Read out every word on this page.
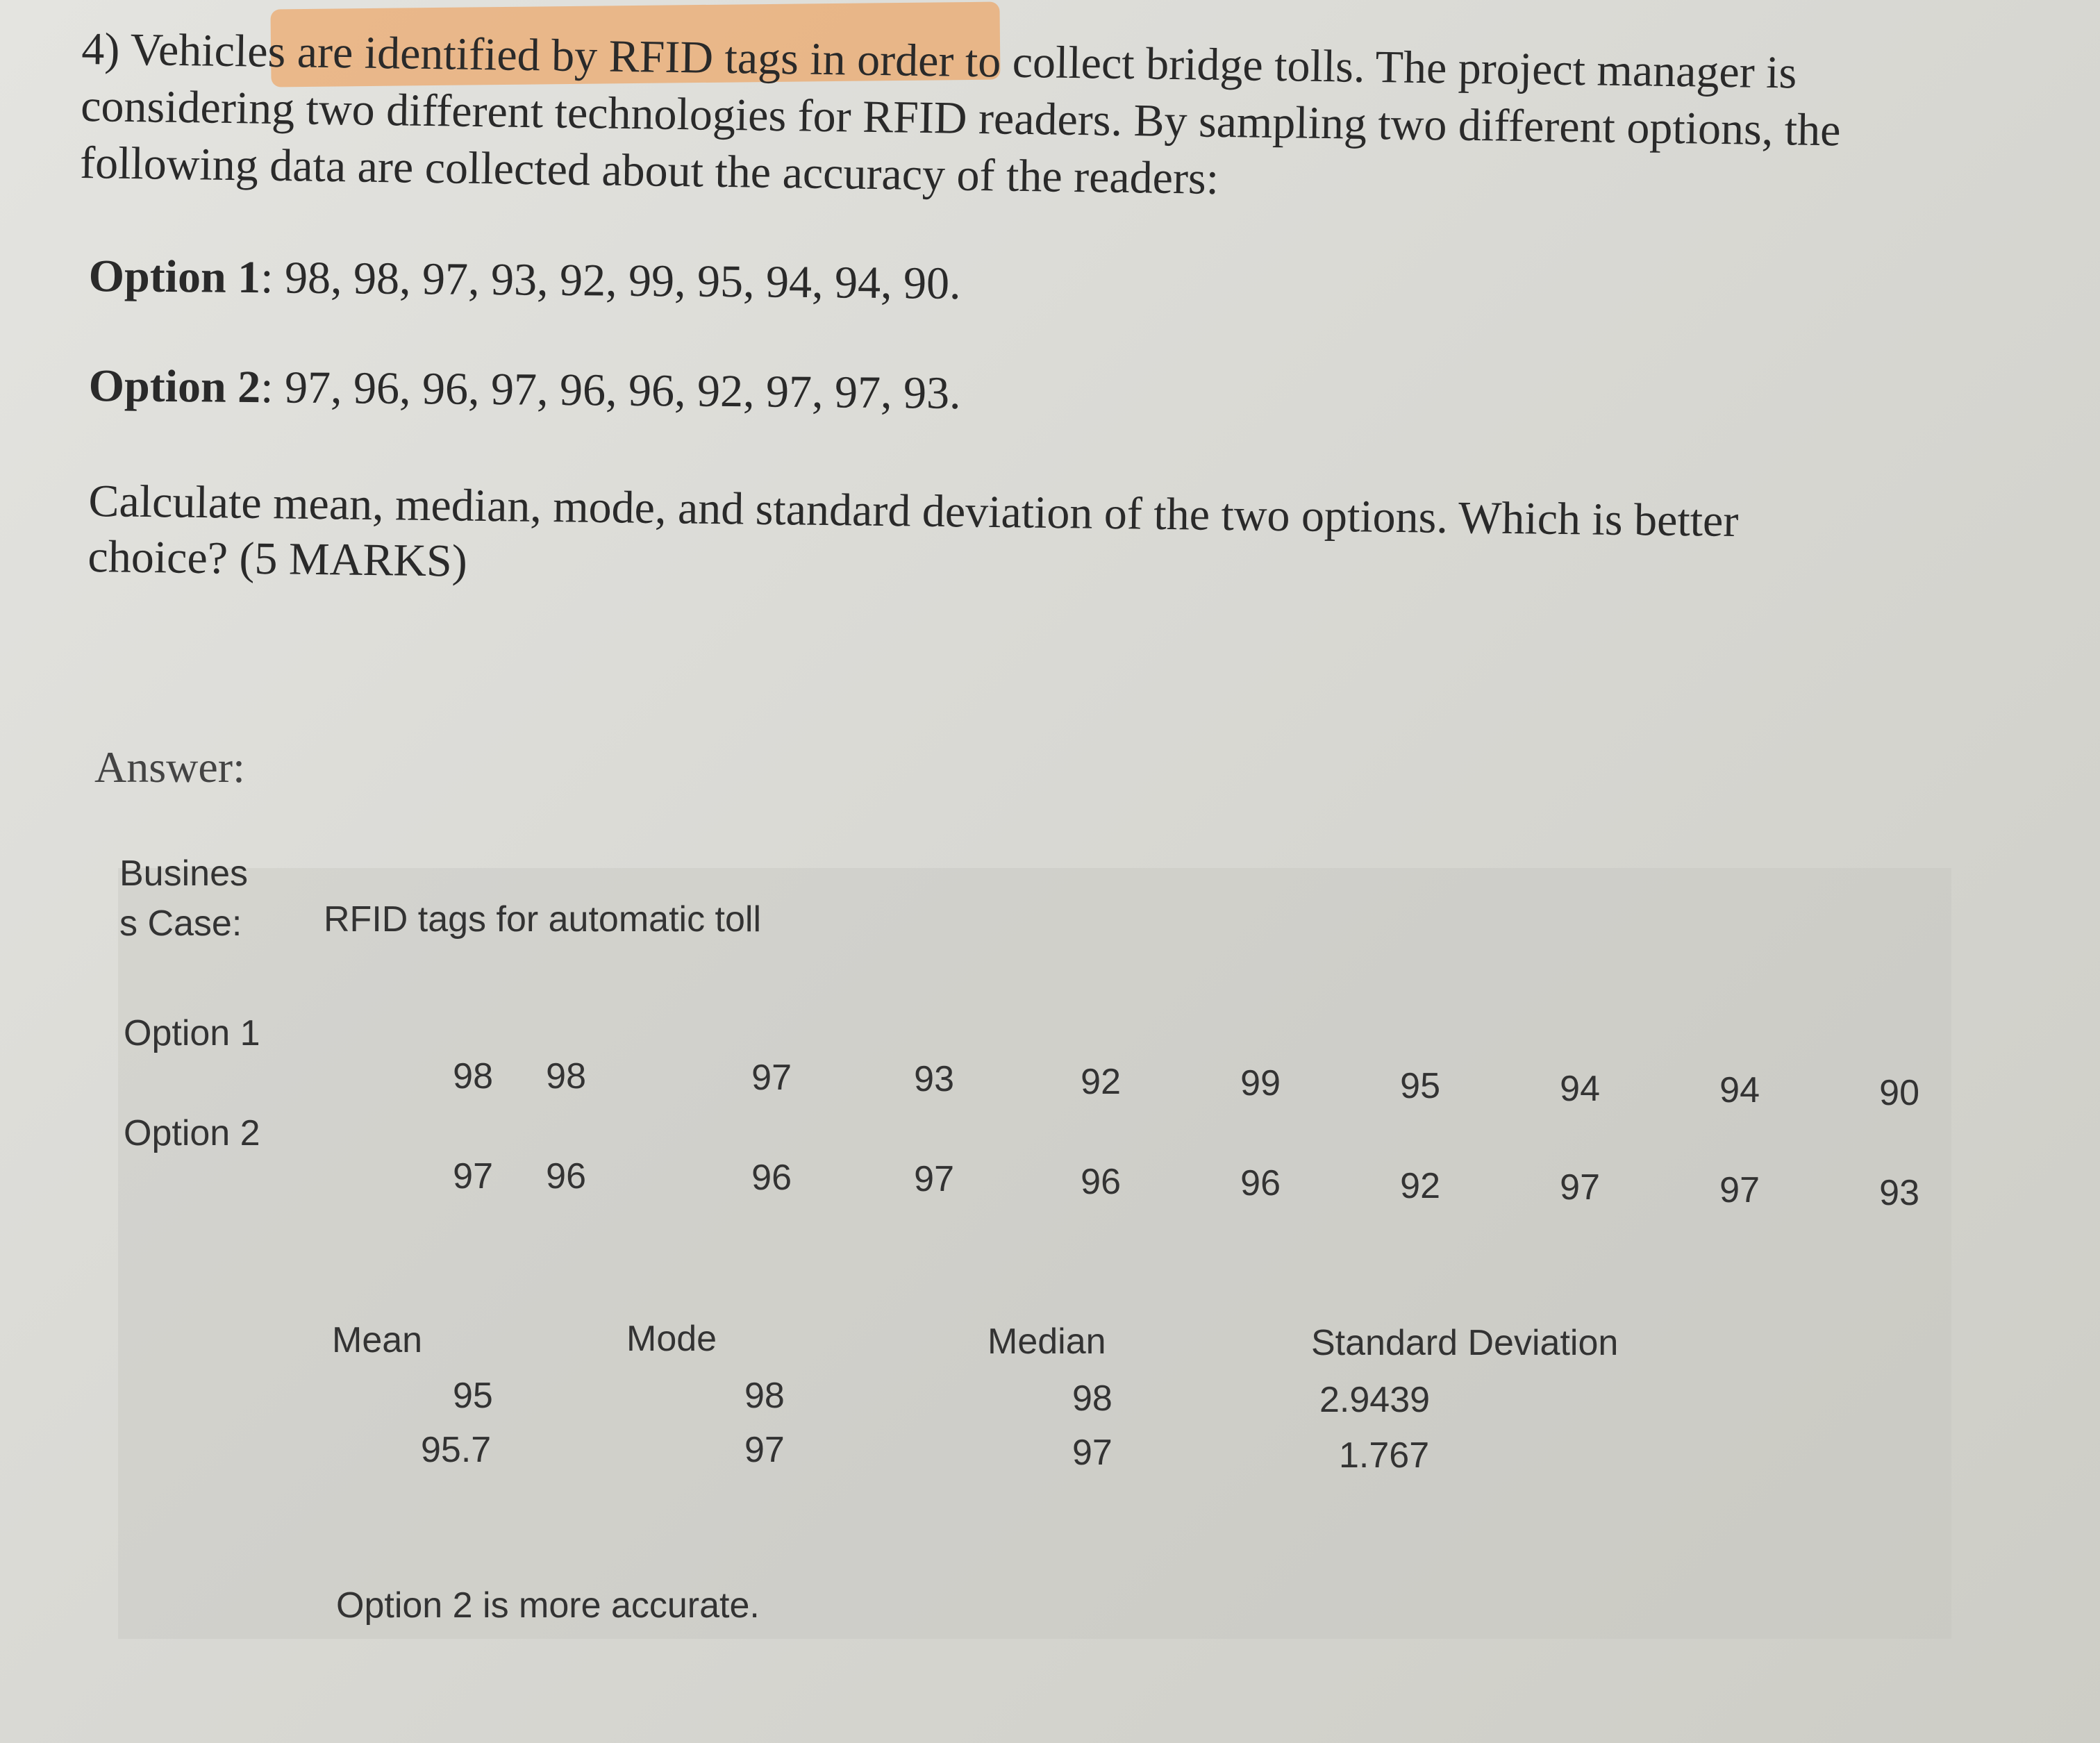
4) Vehicles are identified by RFID tags in order to collect bridge tolls. The project manager is considering two different technologies for RFID readers. By sampling two different options, the following data are collected about the accuracy of the readers:
Option 1: 98, 98, 97, 93, 92, 99, 95, 94, 94, 90.
Option 2: 97, 96, 96, 97, 96, 96, 92, 97, 97, 93.
Calculate mean, median, mode, and standard deviation of the two options. Which is better choice? (5 MARKS)
Answer:
Busines s Case:	RFID tags for automatic toll
Option 1
Option 2
98	98	97	93	92	99	95	94	94	90
97	96	96	97	96	96	92	97	97	93
Mean	Mode	Median	Standard Deviation
95	98	98	2.9439
95.7	97	97	1.767
Option 2 is more accurate.
